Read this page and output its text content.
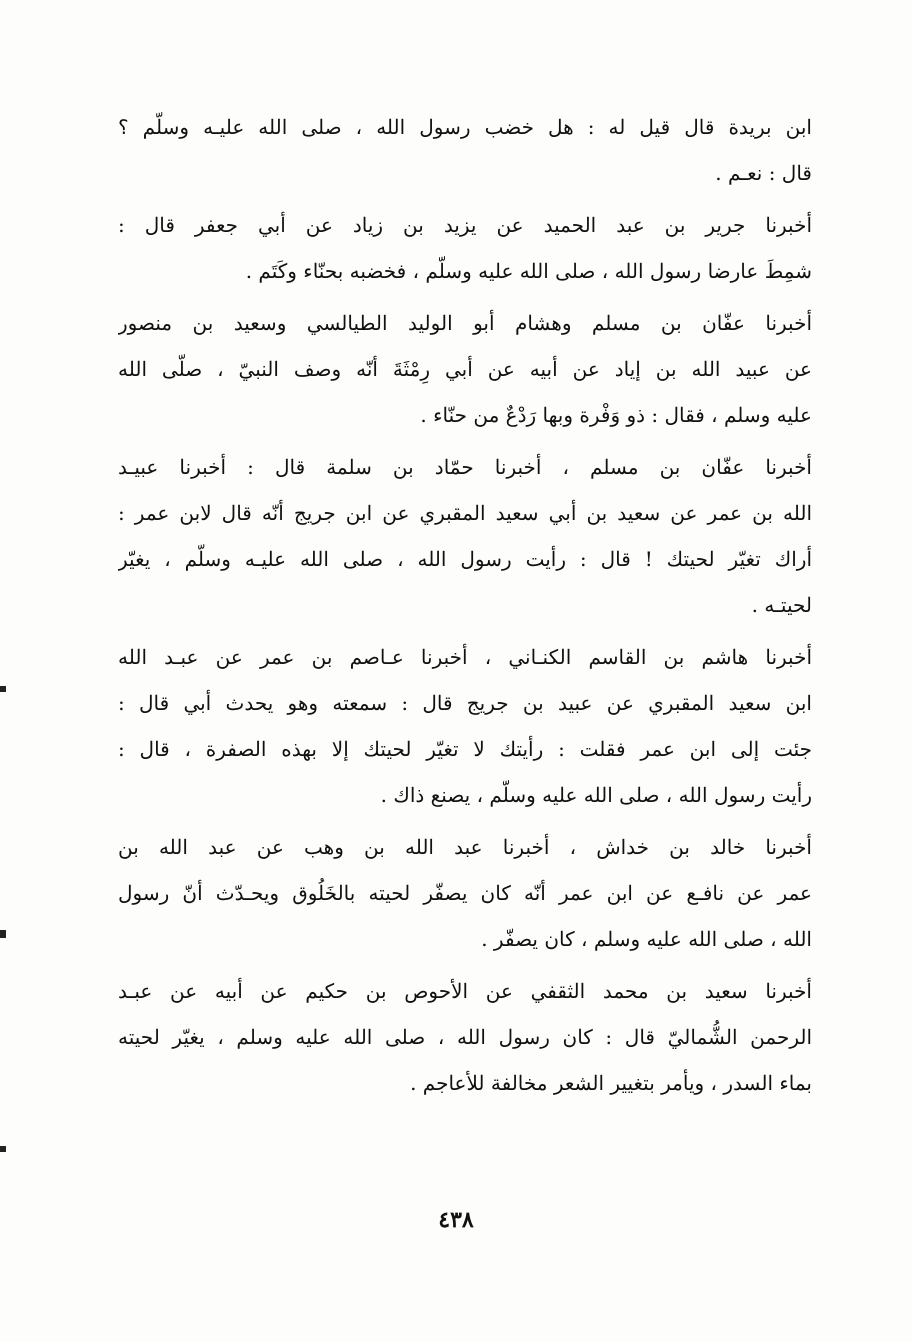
ابن بريدة قال قيل له : هل خضب رسول الله ، صلى الله عليـه وسلّم ؟
قال : نعـم .
أخبرنا جرير بن عبد الحميد عن يزيد بن زياد عن أبي جعفر قال :
شمِطَ عارضا رسول الله ، صلى الله عليه وسلّم ، فخضبه بحنّاء وكَتَم .
أخبرنا عفّان بن مسلم وهشام أبو الوليد الطيالسي وسعيد بن منصور
عن عبيد الله بن إياد عن أبيه عن أبي رِمْثَةَ أنّه وصف النبيّ ، صلّى الله
عليه وسلم ، فقال : ذو وَفْرة وبها رَدْعٌ من حنّاء .
أخبرنا عفّان بن مسلم ، أخبرنا حمّاد بن سلمة قال : أخبرنا عبيـد
الله بن عمر عن سعيد بن أبي سعيد المقبري عن ابن جريج أنّه قال لابن عمر :
أراك تغيّر لحيتك ! قال : رأيت رسول الله ، صلى الله عليـه وسلّم ، يغيّر
لحيتـه .
أخبرنا هاشم بن القاسم الكنـاني ، أخبرنا عـاصم بن عمر عن عبـد الله
ابن سعيد المقبري عن عبيد بن جريج قال : سمعته وهو يحدث أبي قال :
جئت إلى ابن عمر فقلت : رأيتك لا تغيّر لحيتك إلا بهذه الصفرة ، قال :
رأيت رسول الله ، صلى الله عليه وسلّم ، يصنع ذاك .
أخبرنا خالد بن خداش ، أخبرنا عبد الله بن وهب عن عبد الله بن
عمر عن نافـع عن ابن عمر أنّه كان يصفّر لحيته بالخَلُوق ويحـدّث أنّ رسول
الله ، صلى الله عليه وسلم ، كان يصفّر .
أخبرنا سعيد بن محمد الثقفي عن الأحوص بن حكيم عن أبيه عن عبـد
الرحمن الشُّماليّ قال : كان رسول الله ، صلى الله عليه وسلم ، يغيّر لحيته
بماء السدر ، ويأمر بتغيير الشعر مخالفة للأعاجم .
٤٣٨
